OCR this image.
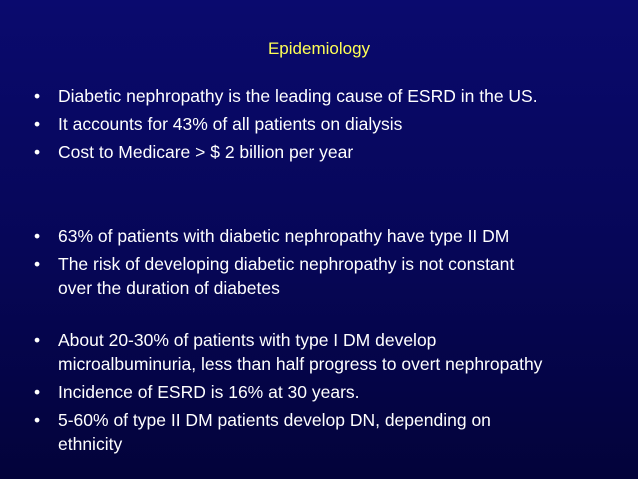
Epidemiology
•	Diabetic nephropathy is the leading cause of ESRD in the US.
•	It accounts for 43% of all patients on dialysis
•	Cost to Medicare > $ 2 billion per year
•	63% of patients with diabetic nephropathy have type II DM
•	The risk of developing diabetic nephropathy is not constant
over the duration of diabetes
•	About 20-30% of patients with type I DM develop
microalbuminuria, less than half progress to overt nephropathy
•	Incidence of ESRD is 16% at 30 years.
•	5-60% of type II DM patients develop DN, depending on
ethnicity
